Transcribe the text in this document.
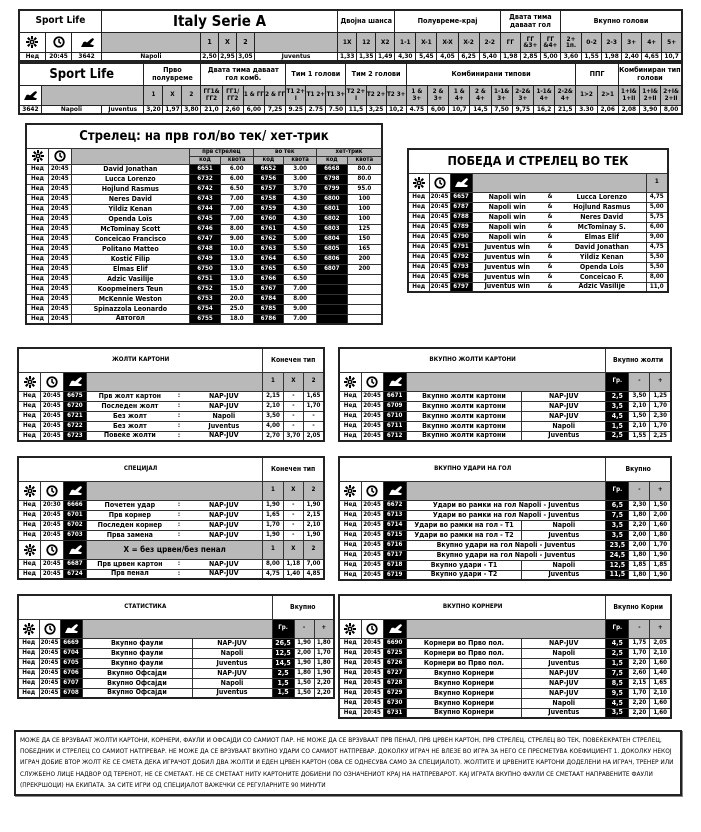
Sport Life			Italy Serie A					Двојна шанса			Полувреме-крај					Двата тима даваат гол			Вкупно голови					

		1	X	2		1X	12	X2	1-1	X-1	X-X	X-2	2-2	ГГ	ГГ &3+	ГГ &4+	2+ 1п.	0-2	2-3	3+	4+	5+
Нед	20:45	3642	Napoli	2,50	2,95	3,05	Juventus	1,33	1,35	1,49	4,30	5,45	4,05	6,25	5,40	1,98	2,85	5,00	3,60	1,55	1,98	2,40	4,65	10,7
Sport Life			Прво полувреме			Двата тима даваат гол комб.				Тим 1 голови			Тим 2 голови			Комбинирани типови								ППГ		Комбиниран тип голови		

		1	X	2	ГГ1& ГГ2	ГГ1/ ГГ2	1 & ГГ	2 & ГГ	T1 2+ I	T1 2+	T1 3+	T2 2+ I	T2 2+	T2 3+	1 & 3+	2 & 3+	1 & 4+	2 & 4+	1-1& 3+	2-2& 3+	1-1& 4+	2-2& 4+	1>2	2>1	1+I& 1+II	1+I& 2+II	2+I& 2+II
3642	Napoli	Juventus	3,20	1,97	3,80	21,0	2,60	6,00	7,25	9.25	2.75	7.50	11,5	3,25	10,2	4.75	6,00	10,7	14,5	7,50	9,75	16,2	21,5	3.30	2,06	2,08	3,90	8,00
Стрелец: на прв гол/во тек/ хет-трик								

		прв стрелец		во тек		хет-трик	
			код	квота	код	квота	код	квота
Нед	20:45	David Jonathan	6651	6.00	6652	3.00	6668	80.0
Нед	20:45	Lucca Lorenzo	6732	6.00	6756	3.00	6798	80.0
Нед	20:45	Hojlund Rasmus	6742	6.50	6757	3.70	6799	95.0
Нед	20:45	Neres David	6743	7.00	6758	4.30	6800	100
Нед	20:45	Yildiz Kenan	6744	7.00	6759	4.30	6801	100
Нед	20:45	Openda Loïs	6745	7.00	6760	4.30	6802	100
Нед	20:45	McTominay Scott	6746	8.00	6761	4.50	6803	125
Нед	20:45	Conceicao Francisco	6747	9.00	6762	5.00	6804	150
Нед	20:45	Politano Matteo	6748	10.0	6763	5.50	6805	165
Нед	20:45	Kostić Filip	6749	13.0	6764	6.50	6806	200
Нед	20:45	Elmas Elif	6750	13.0	6765	6.50	6807	200
Нед	20:45	Adzic Vasilije	6751	13.0	6766	6.50		
Нед	20:45	Koopmeiners Teun	6752	15.0	6767	7.00		
Нед	20:45	McKennie Weston	6753	20.0	6784	8.00		
Нед	20:45	Spinazzola Leonardo	6754	25.0	6785	9.00		
Нед	20:45	Автогол	6755	18.0	6786	7.00		
ПОБЕДА И СТРЕЛЕЦ ВО ТЕК						

		1
Нед	20:45	6657	Napoli win	&	Lucca Lorenzo	4,75
Нед	20:45	6787	Napoli win	&	Hojlund Rasmus	5,00
Нед	20:45	6788	Napoli win	&	Neres David	5,75
Нед	20:45	6789	Napoli win	&	McTominay S.	6,00
Нед	20:45	6790	Napoli win	&	Elmas Elif	9,00
Нед	20:45	6791	Juventus win	&	David Jonathan	4,75
Нед	20:45	6792	Juventus win	&	Yildiz Kenan	5,50
Нед	20:45	6793	Juventus win	&	Openda Loïs	5,50
Нед	20:45	6796	Juventus win	&	Conceicao F.	8,00
Нед	20:45	6797	Juventus win	&	Adzic Vasilije	11,0
ЖОЛТИ КАРТОНИ						Конечен тип		

		1	X	2
Нед	20:45	6675	Прв жолт картон	:	NAP-JUV	2,15	-	1,65
Нед	20:45	6720	Последен жолт	:	NAP-JUV	2,10	-	1,70
Нед	20:45	6721	Без жолт	:	Napoli	3,50	-	-
Нед	20:45	6722	Без жолт	:	Juventus	4,00	-	-
Нед	20:45	6723	Повеќе жолти	:	NAP-JUV	2,70	3,70	2,05
ВКУПНО ЖОЛТИ КАРТОНИ					Вкупно жолти		

		Гр.	-	+
Нед	20:45	6671	Вкупно жолти картони	NAP-JUV	2,5	3,50	1,25
Нед	20:45	6709	Вкупно жолти картони	NAP-JUV	3,5	2,10	1,70
Нед	20:45	6710	Вкупно жолти картони	NAP-JUV	4,5	1,50	2,30
Нед	20:45	6711	Вкупно жолти картони	Napoli	1,5	2,10	1,70
Нед	20:45	6712	Вкупно жолти картони	Juventus	2,5	1,55	2,25
СПЕЦИЈАЛ						Конечен тип		

		1	X	2
Нед	20:30	6666	Почетен удар	:	NAP-JUV	1,90	-	1,90
Нед	20:45	6701	Прв корнер	:	NAP-JUV	1,65	-	2,15
Нед	20:45	6702	Последен корнер	:	NAP-JUV	1,70	-	2,10
Нед	20:45	6703	Прва замена	:	NAP-JUV	1,90	-	1,90

	X = без црвен/без пенал			1	X	2
Нед	20:45	6687	Прв црвен картон	:	NAP-JUV	8,00	1,18	7,00
Нед	20:45	6724	Прв пенал	:	NAP-JUV	4,75	1,40	4,85
ВКУПНО УДАРИ НА ГОЛ					Вкупно		

		Гр.	-	+
Нед	20:45	6672	Удари во рамки на гол Napoli - Juventus		6,5	2,30	1,50
Нед	20:45	6713	Удари во рамки на гол Napoli - Juventus		7,5	1,80	2,00
Нед	20:45	6714	Удари во рамки на гол - T1	Napoli	3,5	2,20	1,60
Нед	20:45	6715	Удари во рамки на гол - T2	Juventus	3,5	2,00	1,80
Нед	20:45	6716	Вкупно удари на гол Napoli - Juventus		23,5	2,00	1,70
Нед	20:45	6717	Вкупно удари на гол Napoli - Juventus		24,5	1,80	1,90
Нед	20:45	6718	Вкупно удари - T1	Napoli	12,5	1,85	1,85
Нед	20:45	6719	Вкупно удари - T2	Juventus	11,5	1,80	1,90
СТАТИСТИКА					Вкупно		

		Гр.	-	+
Нед	20:45	6669	Вкупно фаули	NAP-JUV	26,5	1,90	1,80
Нед	20:45	6704	Вкупно фаули	Napoli	12,5	2,00	1,70
Нед	20:45	6705	Вкупно фаули	Juventus	14,5	1,90	1,80
Нед	20:45	6706	Вкупно Офсајди	NAP-JUV	2,5	1,80	1,90
Нед	20:45	6707	Вкупно Офсајди	Napoli	1,5	1,50	2,20
Нед	20:45	6708	Вкупно Офсајди	Juventus	1,5	1,50	2,20
ВКУПНО КОРНЕРИ					Вкупно Корни		

		Гр.	-	+
Нед	20:45	6690	Корнери во Прво пол.	NAP-JUV	4,5	1,75	2,05
Нед	20:45	6725	Корнери во Прво пол.	Napoli	2,5	1,70	2,10
Нед	20:45	6726	Корнери во Прво пол.	Juventus	1,5	2,20	1,60
Нед	20:45	6727	Вкупно Корнери	NAP-JUV	7,5	2,60	1,40
Нед	20:45	6728	Вкупно Корнери	NAP-JUV	8,5	2,15	1,65
Нед	20:45	6729	Вкупно Корнери	NAP-JUV	9,5	1,70	2,10
Нед	20:45	6730	Вкупно Корнери	Napoli	4,5	2,20	1,60
Нед	20:45	6731	Вкупно Корнери	Juventus	3,5	2,20	1,60
МОЖЕ ДА СЕ ВРЗУВААТ ЖОЛТИ КАРТОНИ, КОРНЕРИ, ФАУЛИ И ОФСАЈДИ СО САМИОТ ПАР. НЕ МОЖЕ ДА СЕ ВРЗУВААТ ПРВ ПЕНАЛ, ПРВ ЦРВЕН КАРТОН, ПРВ СТРЕЛЕЦ, СТРЕЛЕЦ ВО ТЕК, ПОВЕЌЕКРАТЕН СТРЕЛЕЦ, ПОБЕДНИК И СТРЕЛЕЦ СО САМИОТ НАТПРЕВАР. НЕ МОЖЕ ДА СЕ ВРЗУВААТ ВКУПНО УДАРИ СО САМИОТ НАТПРЕВАР. ДОКОЛКУ ИГРАЧ НЕ ВЛЕЗЕ ВО ИГРА ЗА НЕГО СЕ ПРЕСМЕТУВА КОЕФИЦИЕНТ 1. ДОКОЛКУ НЕКОЈ ИГРАЧ ДОБИЕ ВТОР ЖОЛТ ЌЕ СЕ СМЕТА ДЕКА ИГРАЧОТ ДОБИЛ ДВА ЖОЛТИ И ЕДЕН ЦРВЕН КАРТОН (ОВА СЕ ОДНЕСУВА САМО ЗА СПЕЦИЈАЛОТ). ЖОЛТИТЕ И ЦРВЕНИТЕ КАРТОНИ ДОДЕЛЕНИ НА ИГРАЧ, ТРЕНЕР ИЛИ СЛУЖБЕНО ЛИЦЕ НАДВОР ОД ТЕРЕНОТ, НЕ СЕ СМЕТААТ. НЕ СЕ СМЕТААТ НИТУ КАРТОНИТЕ ДОБИЕНИ ПО ОЗНАЧЕНИОТ КРАЈ НА НАТПРЕВАРОТ. КАЈ ИГРАТА ВКУПНО ФАУЛИ СЕ СМЕТААТ НАПРАВЕНИТЕ ФАУЛИ (ПРЕКРШОЦИ) НА ЕКИПАТА. ЗА СИТЕ ИГРИ ОД СПЕЦИЈАЛОТ ВАЖЕЧКИ СЕ РЕГУЛАРНИТЕ 90 МИНУТИ
